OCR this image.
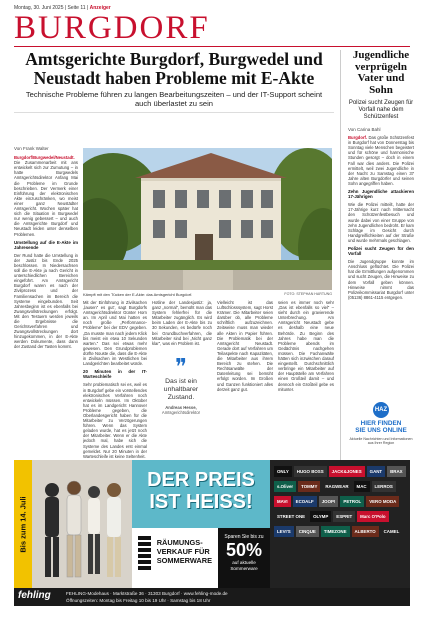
Montag, 30. Juni 2025 | Seite 11 | Anzeiger
BURGDORF
Amtsgerichte Burgdorf, Burgwedel und Neustadt haben Probleme mit E-Akte
Technische Probleme führen zu langen Bearbeitungszeiten – und der IT-Support scheint auch überlastet zu sein
Von Frank Walter
Burgdorf/Burgwedel/Neustadt. Die Zusammenarbeit mit ans entwickelt sich zur Zumutung – in hatte Burgwedels Amtsgerichtsdirektor Anfang Mai die Probleme im Grunde beschrieben. Der Vermerk einer Einführung der elektronischen Akte einzuschränken, wo meist einer ganz Neustädter Amtsgericht. Wochen später hat sich die Situation in Burgwedel nur wenig gebessert – und auch die Amtsgerichte Burgdorf und Neustadt leiden unter denselben Problemen.
Umstellung auf die E-Akte im Jahresende
Der Rund hatte die Umstellung in der Justiz bis Ende 2025 beschlossen. In Niedersachsen soll die E-Akte ja nach Gericht in unterschiedlichen Bereichen eingeführt. Am Amtsgericht Burgdorf waren es nach der Zivilprozess und der Familiensachen im Bereich die Systeme eingebunden. Seit Jahresbeginn ist es ebenfalls bei Zwangsvollstreckungen erfolgt. Mit den Testuern werden jeweils die Ergebnisse die Gerichtsverfahren und Zwangsvollstreckungen dort hinzugekommen, in der E-Akte werden Dokumente, dass dann der Zustand der Tasten kommt.
Kämpft mit den Tücken der E-Akte: das Amtsgericht Burgdorf.	FOTO: STEPHAN HARTUNG
Mit der Einführung in Zivilsachen „lausen“ es gut', sagt Burgdorfs Amtsgerichtsdirektor Günter Horn an. Im April und Mai hatten es noch große „Performance-Probleme“ bei der EDV gegeben. „Da musste man nach jedem Klick bis meist ein etwa 10 Sekunden warten.“ Das sei etwas mehr gewesen. Den Grundproblemen dürfte Nouste die, dass die E-Akte in Zivilsachen im Westlichen bei Landgerichten bearbeitet würde.
20 Minuten in der IT-Warteschleife
Sehr problematisch sei es, weil es in Burgdorf gebe ein vorstellendes elektronisches Verfahren noch entwickeln müssen. Im Oktober hat es im Landgericht Hannover Probleme gegeben, die Oberlandesgericht haben für die Mitarbeiter zu Verzögerungen führen. Wenn das System geladen wurde, hat es jetzt noch der Mitarbeiter. Wenn er die Akte jedoch mal, habe sich die Systeme des Landes erst einmal gemeldet. Nur 20 Minuten in der Warteschleife ist keine Seltenheit.
Hotline der Landesjustiz: ja, ganz „normal“, bemüht man das System fehlerfrei für die Mitarbeiter zugänglich. Es wird beim Laden der E-Akte bis zu 30 Sekunden, es bedürfe noch bei Grundbuchverfahren, die Mitarbeiter sind bei „Nicht ganz klar“, was ein Problem ist.
❞
Das ist ein unhaltbarer Zustand.
Andreas Hesse,
Amtsgerichtsdirektor
Vielleicht ist das Luftschlosssystem, sagt Horst Krämer. Die Mitarbeiter seien darüber ob, alle Probleme schriftlich aufzuzeichnen. Zeitweise muss man wieder alle Akten in Papier führen. Die Problematik bei der Amtsgericht Neustadt. Gerade dort auf Verfahren um Teilaspekte nach Kapazitäten, die Mitarbeiter aus ihrem Bereich zu stehen. Die Rechtsanwälte der Datenleitung sei bemüht erfolgt worden. Im Großen und Ganzen funktioniert alles derzeit ganz gut.
seien es immer noch sehr „Das ist ebenfalls so viel“ – sieht durch ein gravierende Unterbrechung. Am Amtsgericht Neustadt gebe es deshalb eine neue Behörde. Zu Beginn des Jahres habe man die Probleme abends im Gedächtnis nachgehen müssen. Die Fachanwälte hätten sich inzwischen darauf eingestellt. Durchschnittlich verbringe ein Mitarbeiter auf der Hauptstelle am Verfahren einen Großteil damit – und dennoch ein Großteil gebe es mitunter.
Jugendliche verprügeln Vater und Sohn
Polizei sucht Zeugen für Vorfall nahe dem Schützenfest
Von Carina Bahl
Burgdorf. Das große Schützenfest in Burgdorf hat von Donnerstag bis Sonntag viele Menschen begeistert und für schöne und harmonische Stunden gesorgt – doch in einem Fall war dies anders. Die Polizei ermittelt, weil zwei Jugendliche in der Nacht zu Samstag einen 37 Jahre alten Burgdorfer und seinen Sohn angegriffen haben.
Zehn Jugendliche attackieren 17-Jährigen
Wie die Polizei mitteilt, hatte der 17-Jährige kurz nach Mitternacht den Schützenfestbesuch und wurde dabei von einer Gruppe von zehn Jugendlichen bedroht. Er kam Schläge im Gesicht durch Handgreiflichkeiten auf der Straße und wurde mehrmals geschlagen.
Polizei sucht Zeugen für den Vorfall
Die Jugendgruppe konnte im Anschluss geflüchtet. Die Polizei hat die Ermittlungen aufgenommen und sucht Zeugen, die Hinweise zu dem Vorfall geben können. Hinweise nimmt das Polizeikommissariat Burgdorf unter (05136) 8861-4115 entgegen.
HAZ
HIER FINDEN
SIE UNS ONLINE
Aktuelle Nachrichten und Informationen aus Ihrer Region
Bis zum 14. Juli
DER PREIS
IST HEISS!
RÄUMUNGS-
VERKAUF FÜR
SOMMERWARE
Sparen Sie bis zu
50%
auf aktuelle Sommerware
ONLY HUGO BOSS JACK&JONES GANT BRAXs.Oliver TOMMY RAGWEAR MAC LERROSMAVI ECOALF JOOP! PETROL VERO MODASTREET ONE OLYMP ESPRIT Marc O'PoloLEVI'S CINQUE TIMEZONE ALBERTO CAMEL
fehling	FEHLING-Modehaus · Marktstraße 36 · 31303 Burgdorf · www.fehling-mode.de
Öffnungszeiten: Montag bis Freitag 10 bis 19 Uhr · Samstag bis 18 Uhr
